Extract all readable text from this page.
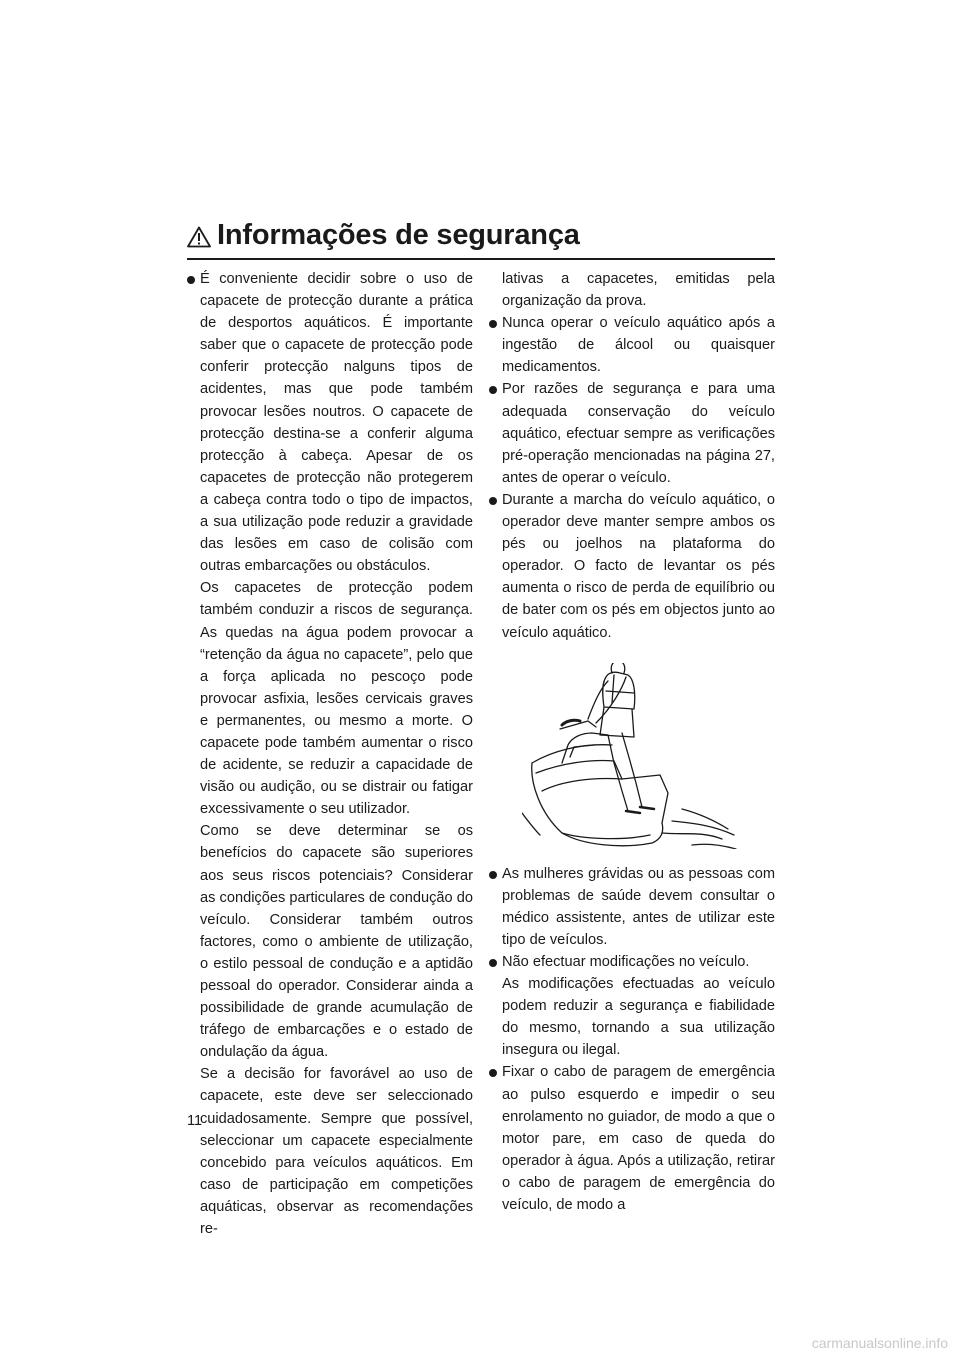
Informações de segurança
É conveniente decidir sobre o uso de capacete de protecção durante a prática de desportos aquáticos. É importante saber que o capacete de protecção pode conferir protecção nalguns tipos de acidentes, mas que pode também provocar lesões noutros. O capacete de protecção destina-se a conferir alguma protecção à cabeça. Apesar de os capacetes de protecção não protegerem a cabeça contra todo o tipo de impactos, a sua utilização pode reduzir a gravidade das lesões em caso de colisão com outras embarcações ou obstáculos.

Os capacetes de protecção podem também conduzir a riscos de segurança. As quedas na água podem provocar a “retenção da água no capacete”, pelo que a força aplicada no pescoço pode provocar asfixia, lesões cervicais graves e permanentes, ou mesmo a morte. O capacete pode também aumentar o risco de acidente, se reduzir a capacidade de visão ou audição, ou se distrair ou fatigar excessivamente o seu utilizador.

Como se deve determinar se os benefícios do capacete são superiores aos seus riscos potenciais? Considerar as condições particulares de condução do veículo. Considerar também outros factores, como o ambiente de utilização, o estilo pessoal de condução e a aptidão pessoal do operador. Considerar ainda a possibilidade de grande acumulação de tráfego de embarcações e o estado de ondulação da água.

Se a decisão for favorável ao uso de capacete, este deve ser seleccionado cuidadosamente. Sempre que possível, seleccionar um capacete especialmente concebido para veículos aquáticos. Em caso de participação em competições aquáticas, observar as recomendações re-

lativas a capacetes, emitidas pela organização da prova.

Nunca operar o veículo aquático após a ingestão de álcool ou quaisquer medicamentos.
Por razões de segurança e para uma adequada conservação do veículo aquático, efectuar sempre as verificações pré-operação mencionadas na página 27, antes de operar o veículo.
Durante a marcha do veículo aquático, o operador deve manter sempre ambos os pés ou joelhos na plataforma do operador. O facto de levantar os pés aumenta o risco de perda de equilíbrio ou de bater com os pés em objectos junto ao veículo aquático.
As mulheres grávidas ou as pessoas com problemas de saúde devem consultar o médico assistente, antes de utilizar este tipo de veículos.
Não efectuar modificações no veículo.

As modificações efectuadas ao veículo podem reduzir a segurança e fiabilidade do mesmo, tornando a sua utilização insegura ou ilegal.

Fixar o cabo de paragem de emergência ao pulso esquerdo e impedir o seu enrolamento no guiador, de modo a que o motor pare, em caso de queda do operador à água. Após a utilização, retirar o cabo de paragem de emergência do veículo, de modo a
11
carmanualsonline.info
